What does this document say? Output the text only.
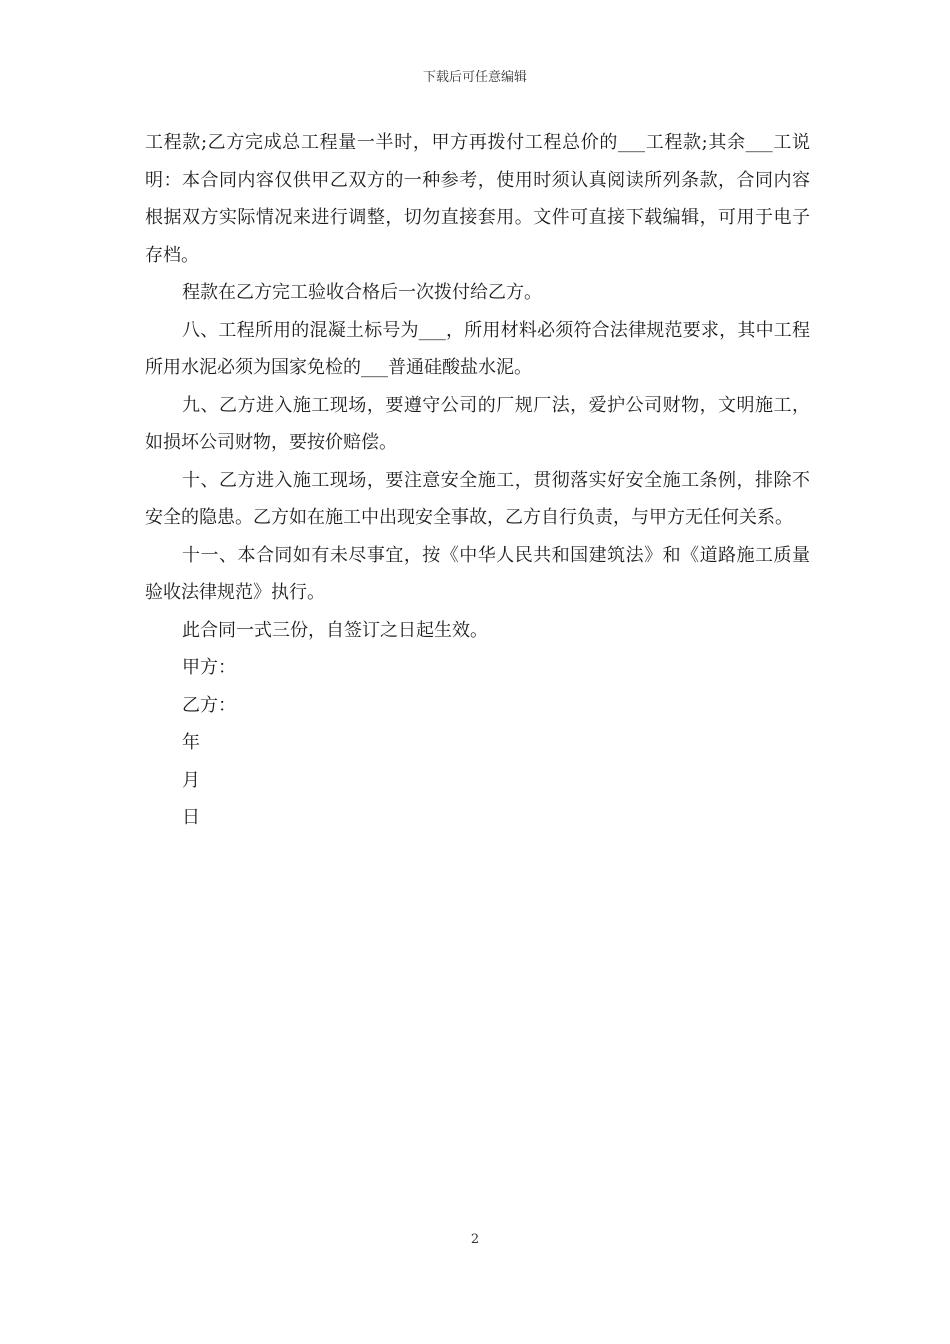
下载后可任意编辑

工程款;乙方完成总工程量一半时，甲方再拨付工程总价的___工程款;其余___工说明：本合同内容仅供甲乙双方的一种参考，使用时须认真阅读所列条款，合同内容根据双方实际情况来进行调整，切勿直接套用。文件可直接下载编辑，可用于电子存档。

程款在乙方完工验收合格后一次拨付给乙方。

八、工程所用的混凝土标号为___，所用材料必须符合法律规范要求，其中工程所用水泥必须为国家免检的___普通硅酸盐水泥。

九、乙方进入施工现场，要遵守公司的厂规厂法，爱护公司财物，文明施工，如损坏公司财物，要按价赔偿。

十、乙方进入施工现场，要注意安全施工，贯彻落实好安全施工条例，排除不安全的隐患。乙方如在施工中出现安全事故，乙方自行负责，与甲方无任何关系。

十一、本合同如有未尽事宜，按《中华人民共和国建筑法》和《道路施工质量验收法律规范》执行。

此合同一式三份，自签订之日起生效。

甲方：

乙方：

年

月

日

2
